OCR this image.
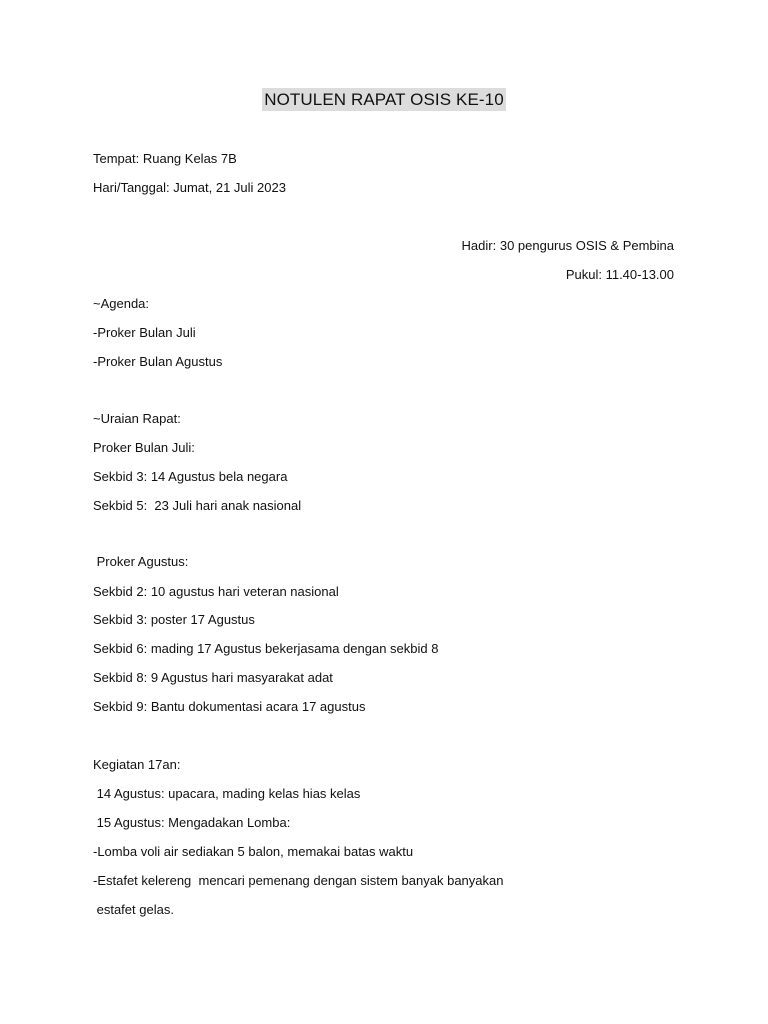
NOTULEN RAPAT OSIS KE-10
Tempat: Ruang Kelas 7B
Hari/Tanggal: Jumat, 21 Juli 2023
Hadir: 30 pengurus OSIS & Pembina
Pukul: 11.40-13.00
~Agenda:
-Proker Bulan Juli
-Proker Bulan Agustus
~Uraian Rapat:
Proker Bulan Juli:
Sekbid 3: 14 Agustus bela negara
Sekbid 5:  23 Juli hari anak nasional
Proker Agustus:
Sekbid 2: 10 agustus hari veteran nasional
Sekbid 3: poster 17 Agustus
Sekbid 6: mading 17 Agustus bekerjasama dengan sekbid 8
Sekbid 8: 9 Agustus hari masyarakat adat
Sekbid 9: Bantu dokumentasi acara 17 agustus
Kegiatan 17an:
14 Agustus: upacara, mading kelas hias kelas
15 Agustus: Mengadakan Lomba:
-Lomba voli air sediakan 5 balon, memakai batas waktu
-Estafet kelereng  mencari pemenang dengan sistem banyak banyakan
estafet gelas.
